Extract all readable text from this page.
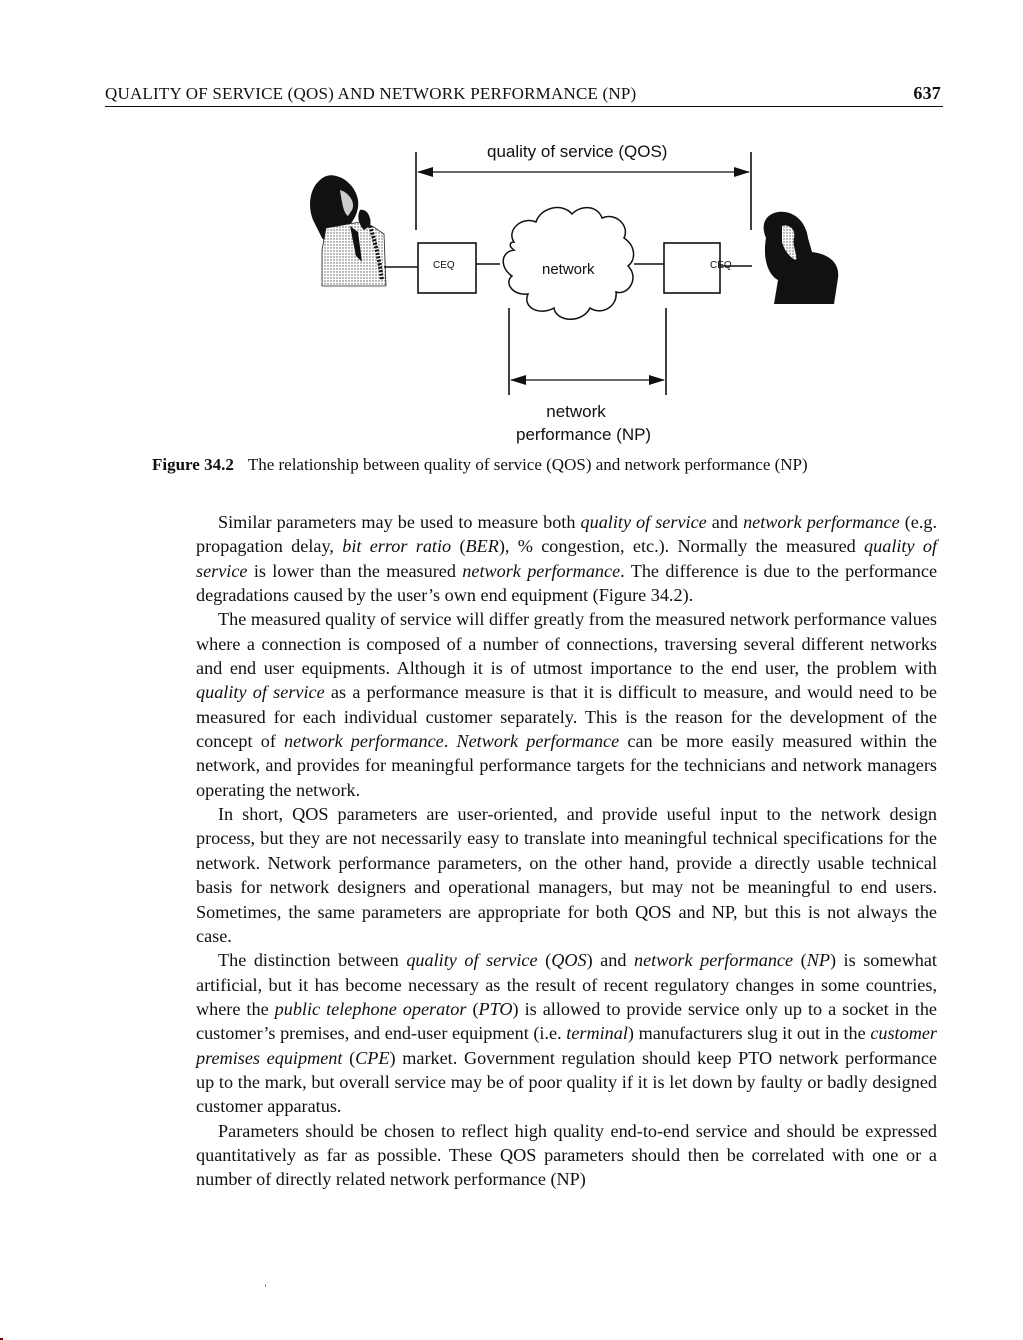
QUALITY OF SERVICE (QOS) AND NETWORK PERFORMANCE (NP)	637
quality of service (QOS)
CEQ	network	CEQ
network
performance (NP)
Figure 34.2 The relationship between quality of service (QOS) and network performance (NP)

Similar parameters may be used to measure both quality of service and network performance (e.g. propagation delay, bit error ratio (BER), % congestion, etc.). Normally the measured quality of service is lower than the measured network performance. The difference is due to the performance degradations caused by the user’s own end equipment (Figure 34.2).

The measured quality of service will differ greatly from the measured network performance values where a connection is composed of a number of connections, traversing several different networks and end user equipments. Although it is of utmost importance to the end user, the problem with quality of service as a performance measure is that it is difficult to measure, and would need to be measured for each individual customer separately. This is the reason for the development of the concept of network performance. Network performance can be more easily measured within the network, and provides for meaningful performance targets for the technicians and network managers operating the network.

In short, QOS parameters are user-oriented, and provide useful input to the network design process, but they are not necessarily easy to translate into meaningful technical specifications for the network. Network performance parameters, on the other hand, provide a directly usable technical basis for network designers and operational managers, but may not be meaningful to end users. Sometimes, the same parameters are appropriate for both QOS and NP, but this is not always the case.

The distinction between quality of service (QOS) and network performance (NP) is somewhat artificial, but it has become necessary as the result of recent regulatory changes in some countries, where the public telephone operator (PTO) is allowed to provide service only up to a socket in the customer’s premises, and end-user equipment (i.e. terminal) manufacturers slug it out in the customer premises equipment (CPE) market. Government regulation should keep PTO network performance up to the mark, but overall service may be of poor quality if it is let down by faulty or badly designed customer apparatus.

Parameters should be chosen to reflect high quality end-to-end service and should be expressed quantitatively as far as possible. These QOS parameters should then be correlated with one or a number of directly related network performance (NP)
